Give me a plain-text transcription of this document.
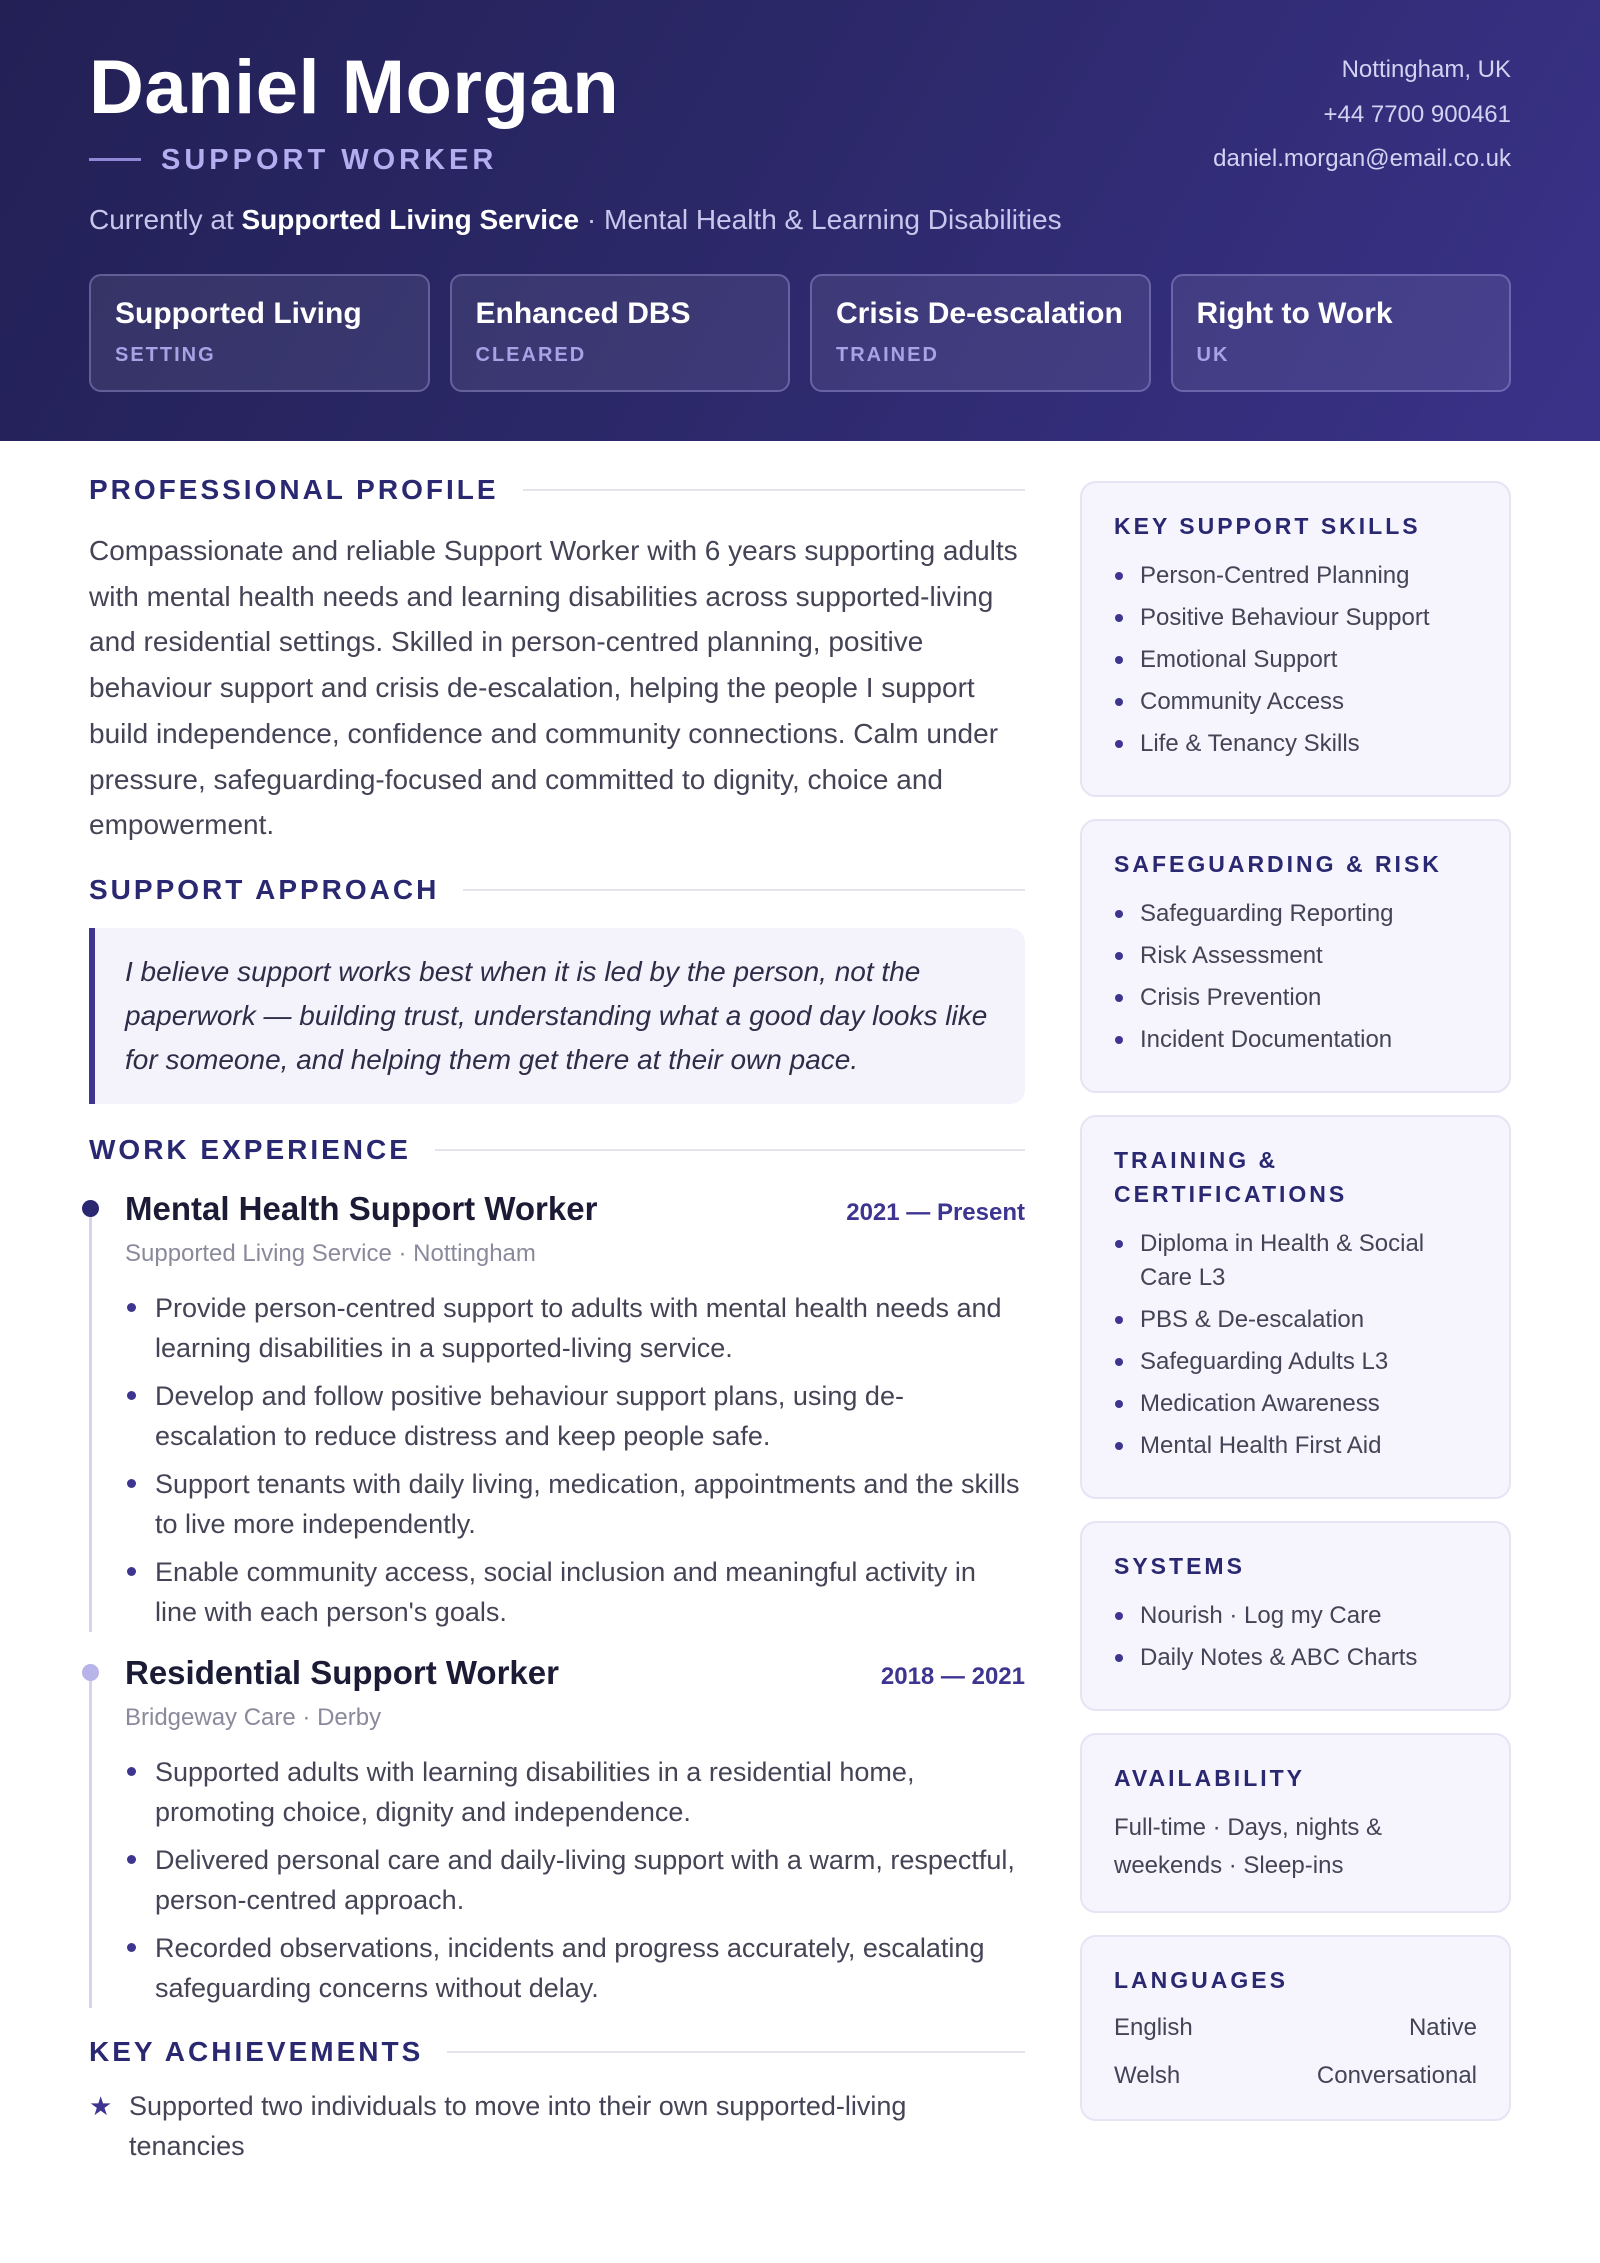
Daniel Morgan
SUPPORT WORKER
Currently at Supported Living Service · Mental Health & Learning Disabilities
Nottingham, UK
+44 7700 900461
daniel.morgan@email.co.uk
Supported Living
SETTING
Enhanced DBS
CLEARED
Crisis De-escalation
TRAINED
Right to Work
UK
PROFESSIONAL PROFILE

Compassionate and reliable Support Worker with 6 years supporting adults with mental health needs and learning disabilities across supported-living and residential settings. Skilled in person-centred planning, positive behaviour support and crisis de-escalation, helping the people I support build independence, confidence and community connections. Calm under pressure, safeguarding-focused and committed to dignity, choice and empowerment.

SUPPORT APPROACH
I believe support works best when it is led by the person, not the paperwork — building trust, understanding what a good day looks like for someone, and helping them get there at their own pace.
WORK EXPERIENCE
Mental Health Support Worker	2021 — Present
Supported Living Service · Nottingham
Provide person-centred support to adults with mental health needs and learning disabilities in a supported-living service.
Develop and follow positive behaviour support plans, using de-escalation to reduce distress and keep people safe.
Support tenants with daily living, medication, appointments and the skills to live more independently.
Enable community access, social inclusion and meaningful activity in line with each person's goals.
Residential Support Worker	2018 — 2021
Bridgeway Care · Derby
Supported adults with learning disabilities in a residential home, promoting choice, dignity and independence.
Delivered personal care and daily-living support with a warm, respectful, person-centred approach.
Recorded observations, incidents and progress accurately, escalating safeguarding concerns without delay.
KEY ACHIEVEMENTS
★ Supported two individuals to move into their own supported-living tenancies
KEY SUPPORT SKILLS
Person-Centred Planning
Positive Behaviour Support
Emotional Support
Community Access
Life & Tenancy Skills
SAFEGUARDING & RISK
Safeguarding Reporting
Risk Assessment
Crisis Prevention
Incident Documentation
TRAINING & CERTIFICATIONS
Diploma in Health & Social Care L3
PBS & De-escalation
Safeguarding Adults L3
Medication Awareness
Mental Health First Aid
SYSTEMS
Nourish · Log my Care
Daily Notes & ABC Charts
AVAILABILITY
Full-time · Days, nights & weekends · Sleep-ins
LANGUAGES
English	Native
Welsh	Conversational
